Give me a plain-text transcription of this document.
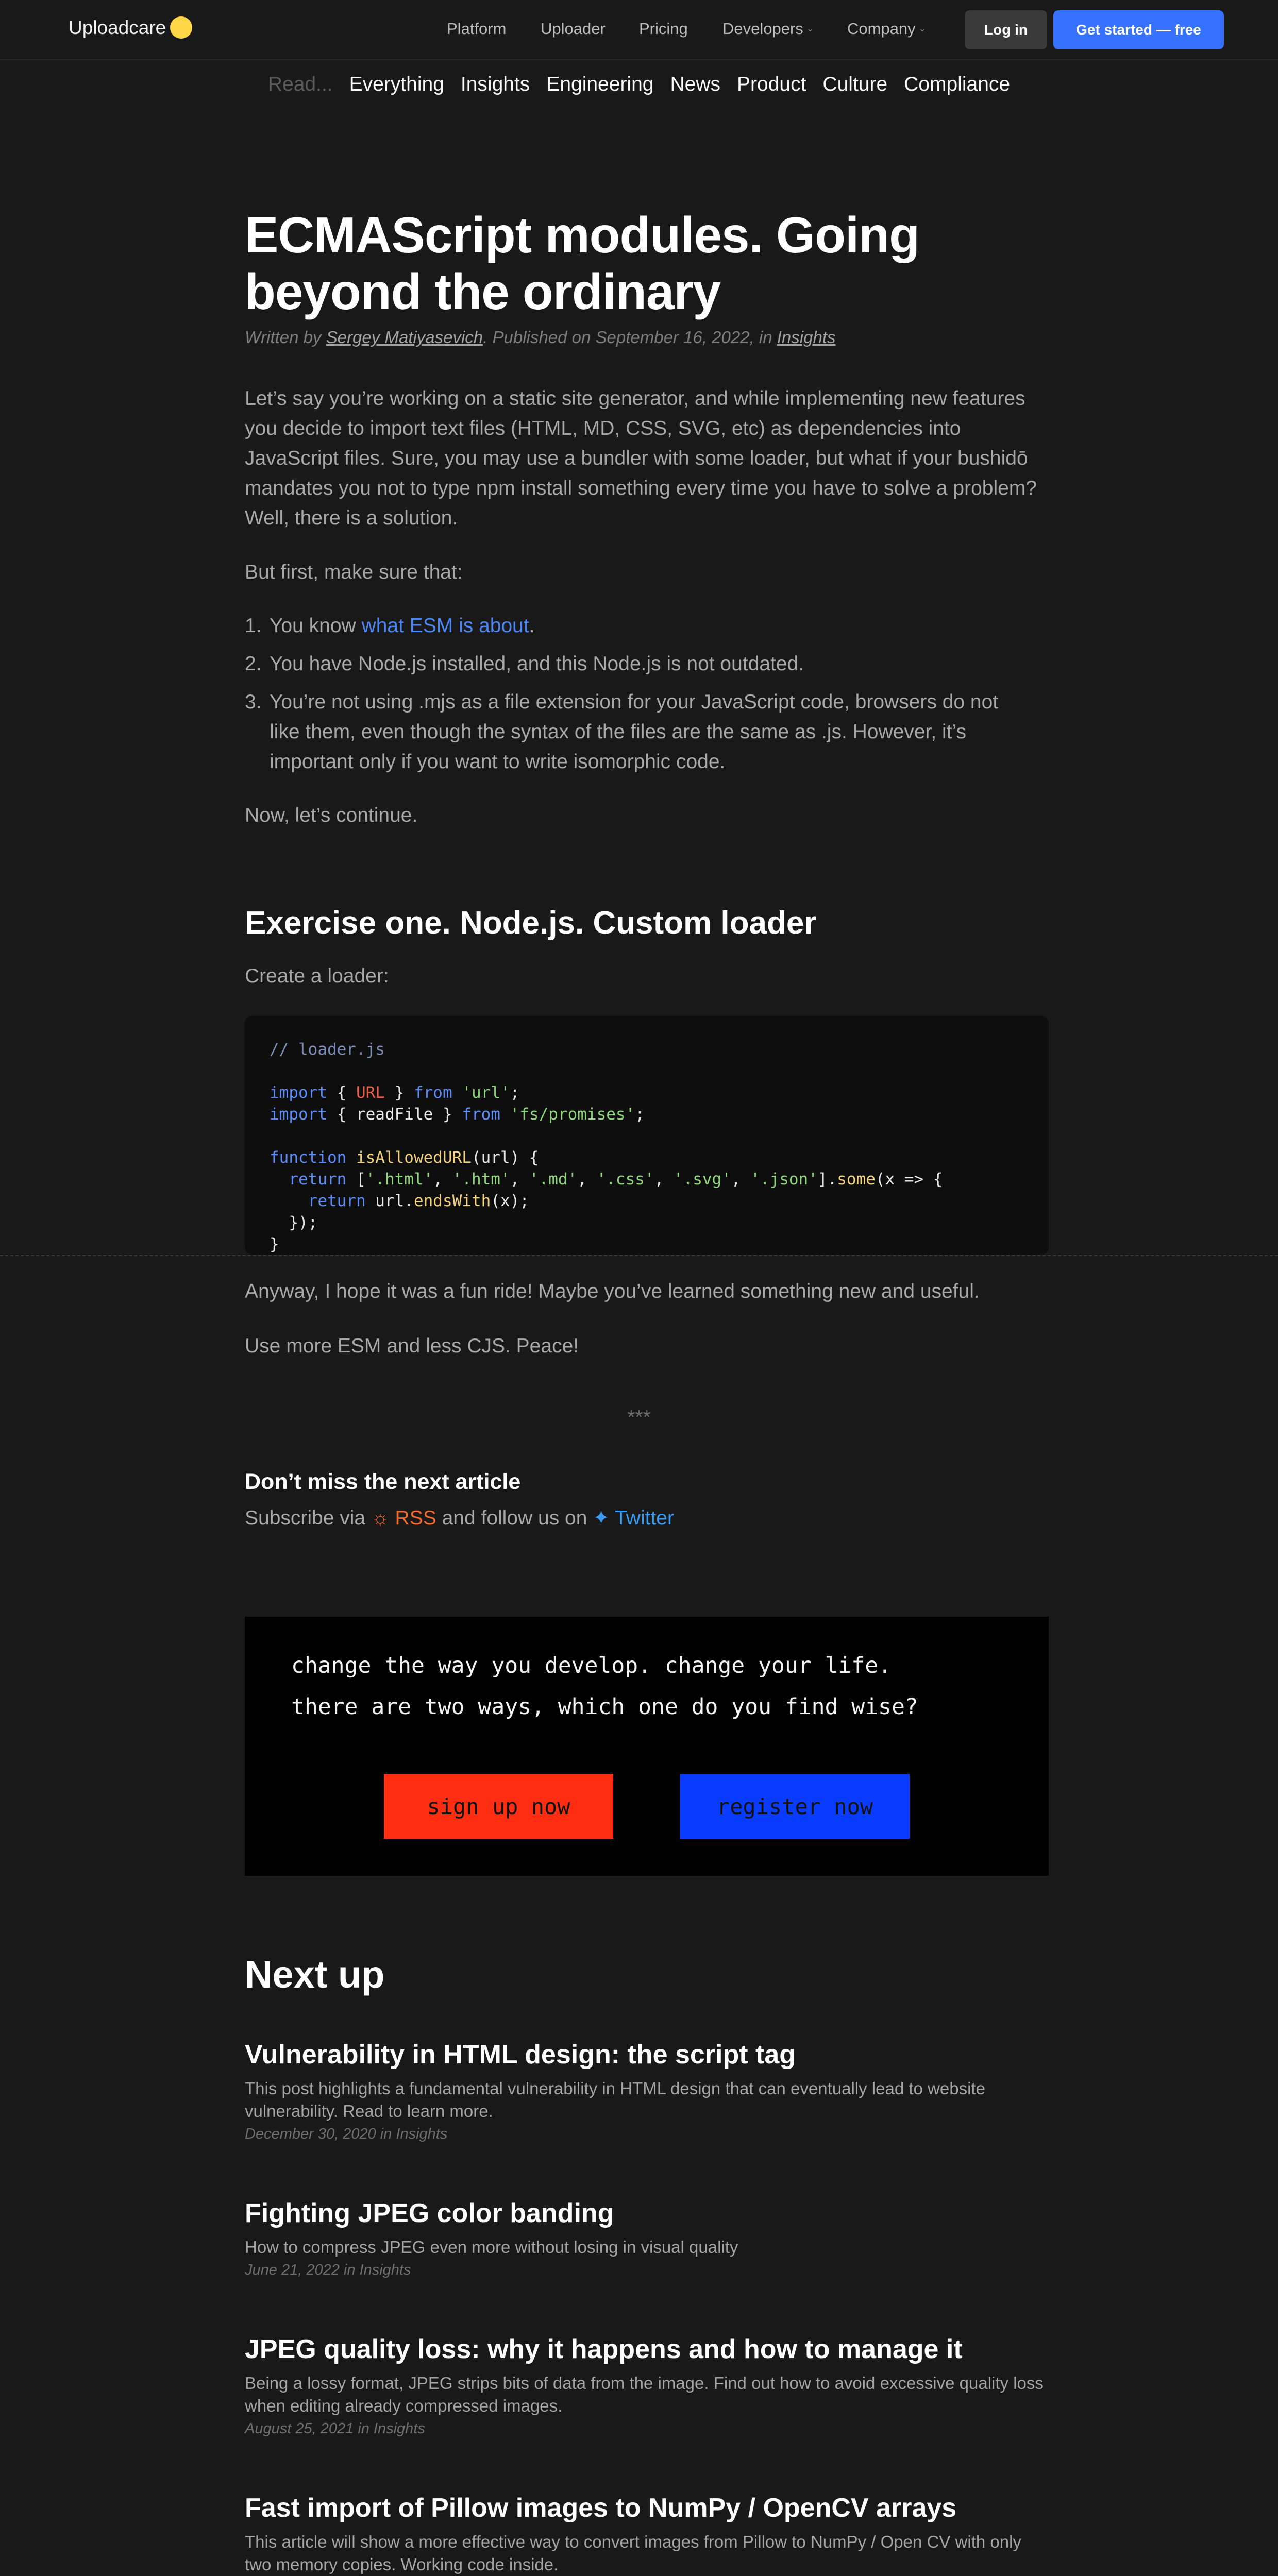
Uploadcare	Platform Uploader Pricing Developers ⌄ Company ⌄	Log in	Get started — free
Read... Everything Insights Engineering News Product Culture Compliance
ECMAScript modules. Going beyond the ordinary
Written by Sergey Matiyasevich. Published on September 16, 2022, in Insights

Let’s say you’re working on a static site generator, and while implementing new features you decide to import text files (HTML, MD, CSS, SVG, etc) as dependencies into JavaScript files. Sure, you may use a bundler with some loader, but what if your bushidō mandates you not to type npm install something every time you have to solve a problem? Well, there is a solution.

But first, make sure that:

1. You know what ESM is about.
2. You have Node.js installed, and this Node.js is not outdated.
3. You’re not using .mjs as a file extension for your JavaScript code, browsers do not like them, even though the syntax of the files are the same as .js. However, it’s important only if you want to write isomorphic code.

Now, let’s continue.

Exercise one. Node.js. Custom loader

Create a loader:

// loader.js

import { URL } from 'url';
import { readFile } from 'fs/promises';

function isAllowedURL(url) {
return ['.html', '.htm', '.md', '.css', '.svg', '.json'].some(x => {
return url.endsWith(x);
});
}

Anyway, I hope it was a fun ride! Maybe you’ve learned something new and useful.

Use more ESM and less CJS. Peace!

***
Don’t miss the next article

Subscribe via ☼ RSS and follow us on ✦ Twitter

change the way you develop. change your life.
there are two ways, which one do you find wise?
sign up now	register now
Next up
Vulnerability in HTML design: the script tag
This post highlights a fundamental vulnerability in HTML design that can eventually lead to website vulnerability. Read to learn more.
December 30, 2020 in Insights
Fighting JPEG color banding
How to compress JPEG even more without losing in visual quality
June 21, 2022 in Insights
JPEG quality loss: why it happens and how to manage it
Being a lossy format, JPEG strips bits of data from the image. Find out how to avoid excessive quality loss when editing already compressed images.
August 25, 2021 in Insights
Fast import of Pillow images to NumPy / OpenCV arrays
This article will show a more effective way to convert images from Pillow to NumPy / Open CV with only two memory copies. Working code inside.
